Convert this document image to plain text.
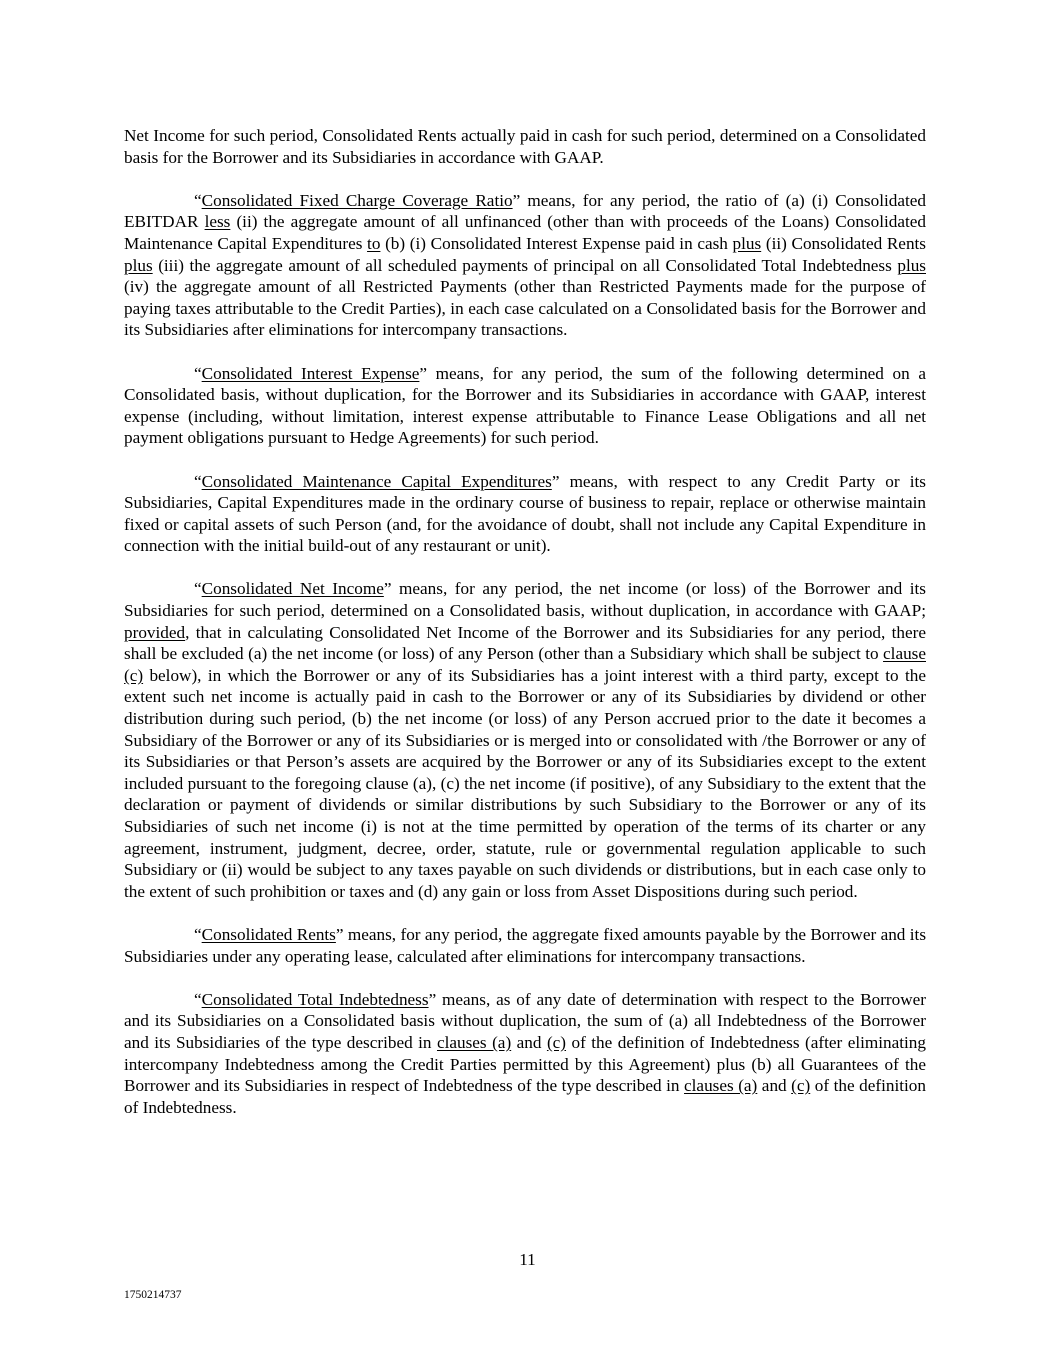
Net Income for such period, Consolidated Rents actually paid in cash for such period, determined on a Consolidated basis for the Borrower and its Subsidiaries in accordance with GAAP.

“Consolidated Fixed Charge Coverage Ratio” means, for any period, the ratio of (a) (i) Consolidated EBITDAR less (ii) the aggregate amount of all unfinanced (other than with proceeds of the Loans) Consolidated Maintenance Capital Expenditures to (b) (i) Consolidated Interest Expense paid in cash plus (ii) Consolidated Rents plus (iii) the aggregate amount of all scheduled payments of principal on all Consolidated Total Indebtedness plus (iv) the aggregate amount of all Restricted Payments (other than Restricted Payments made for the purpose of paying taxes attributable to the Credit Parties), in each case calculated on a Consolidated basis for the Borrower and its Subsidiaries after eliminations for intercompany transactions.

“Consolidated Interest Expense” means, for any period, the sum of the following determined on a Consolidated basis, without duplication, for the Borrower and its Subsidiaries in accordance with GAAP, interest expense (including, without limitation, interest expense attributable to Finance Lease Obligations and all net payment obligations pursuant to Hedge Agreements) for such period.

“Consolidated Maintenance Capital Expenditures” means, with respect to any Credit Party or its Subsidiaries, Capital Expenditures made in the ordinary course of business to repair, replace or otherwise maintain fixed or capital assets of such Person (and, for the avoidance of doubt, shall not include any Capital Expenditure in connection with the initial build-out of any restaurant or unit).

“Consolidated Net Income” means, for any period, the net income (or loss) of the Borrower and its Subsidiaries for such period, determined on a Consolidated basis, without duplication, in accordance with GAAP; provided, that in calculating Consolidated Net Income of the Borrower and its Subsidiaries for any period, there shall be excluded (a) the net income (or loss) of any Person (other than a Subsidiary which shall be subject to clause (c) below), in which the Borrower or any of its Subsidiaries has a joint interest with a third party, except to the extent such net income is actually paid in cash to the Borrower or any of its Subsidiaries by dividend or other distribution during such period, (b) the net income (or loss) of any Person accrued prior to the date it becomes a Subsidiary of the Borrower or any of its Subsidiaries or is merged into or consolidated with /the Borrower or any of its Subsidiaries or that Person’s assets are acquired by the Borrower or any of its Subsidiaries except to the extent included pursuant to the foregoing clause (a), (c) the net income (if positive), of any Subsidiary to the extent that the declaration or payment of dividends or similar distributions by such Subsidiary to the Borrower or any of its Subsidiaries of such net income (i) is not at the time permitted by operation of the terms of its charter or any agreement, instrument, judgment, decree, order, statute, rule or governmental regulation applicable to such Subsidiary or (ii) would be subject to any taxes payable on such dividends or distributions, but in each case only to the extent of such prohibition or taxes and (d) any gain or loss from Asset Dispositions during such period.

“Consolidated Rents” means, for any period, the aggregate fixed amounts payable by the Borrower and its Subsidiaries under any operating lease, calculated after eliminations for intercompany transactions.

“Consolidated Total Indebtedness” means, as of any date of determination with respect to the Borrower and its Subsidiaries on a Consolidated basis without duplication, the sum of (a) all Indebtedness of the Borrower and its Subsidiaries of the type described in clauses (a) and (c) of the definition of Indebtedness (after eliminating intercompany Indebtedness among the Credit Parties permitted by this Agreement) plus (b) all Guarantees of the Borrower and its Subsidiaries in respect of Indebtedness of the type described in clauses (a) and (c) of the definition of Indebtedness.

11
1750214737
